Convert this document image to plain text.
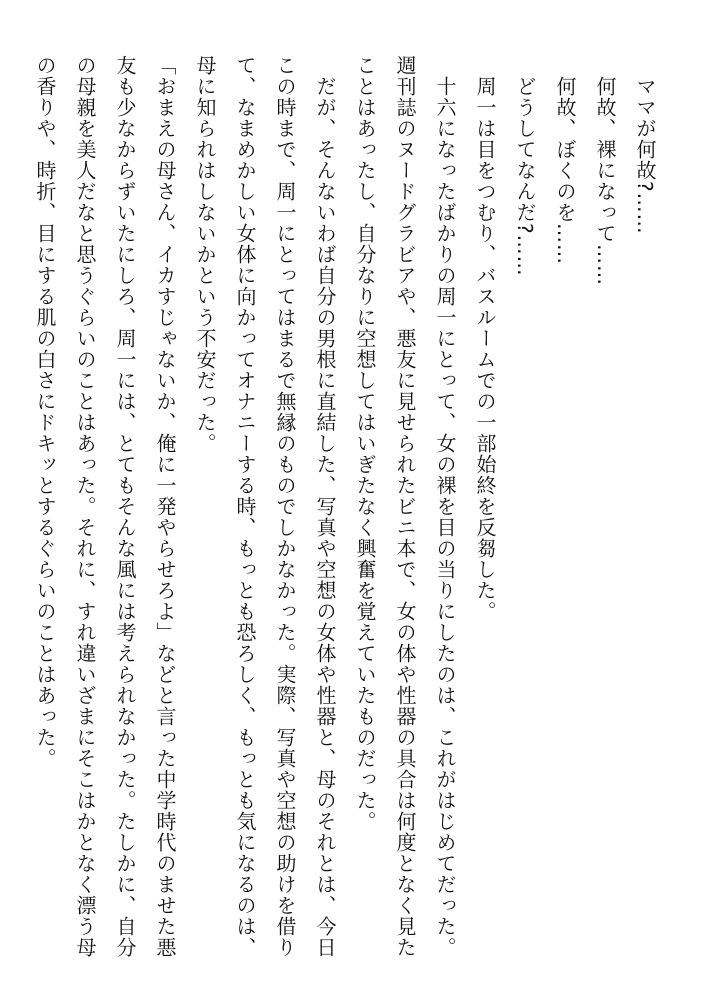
　ママが何故?……

　何故、裸になって……

　何故、ぼくのを……

　どうしてなんだ?……

　周一は目をつむり、バスルームでの一部始終を反芻した。

　十六になったばかりの周一にとって、女の裸を目の当りにしたのは、これがはじめてだった。週刊誌のヌードグラビアや、悪友に見せられたビニ本で、女の体や性器の具合は何度となく見たことはあったし、自分なりに空想してはいぎたなく興奮を覚えていたものだった。

　だが、そんないわば自分の男根に直結した、写真や空想の女体や性器と、母のそれとは、今日この時まで、周一にとってはまるで無縁のものでしかなかった。実際、写真や空想の助けを借りて、なまめかしい女体に向かってオナニーする時、もっとも恐ろしく、もっとも気になるのは、母に知られはしないかという不安だった。

「おまえの母さん、イカすじゃないか、俺に一発やらせろよ」などと言った中学時代のませた悪友も少なからずいたにしろ、周一には、とてもそんな風には考えられなかった。たしかに、自分の母親を美人だなと思うぐらいのことはあった。それに、すれ違いざまにそこはかとなく漂う母の香りや、時折、目にする肌の白さにドキッとするぐらいのことはあった。
